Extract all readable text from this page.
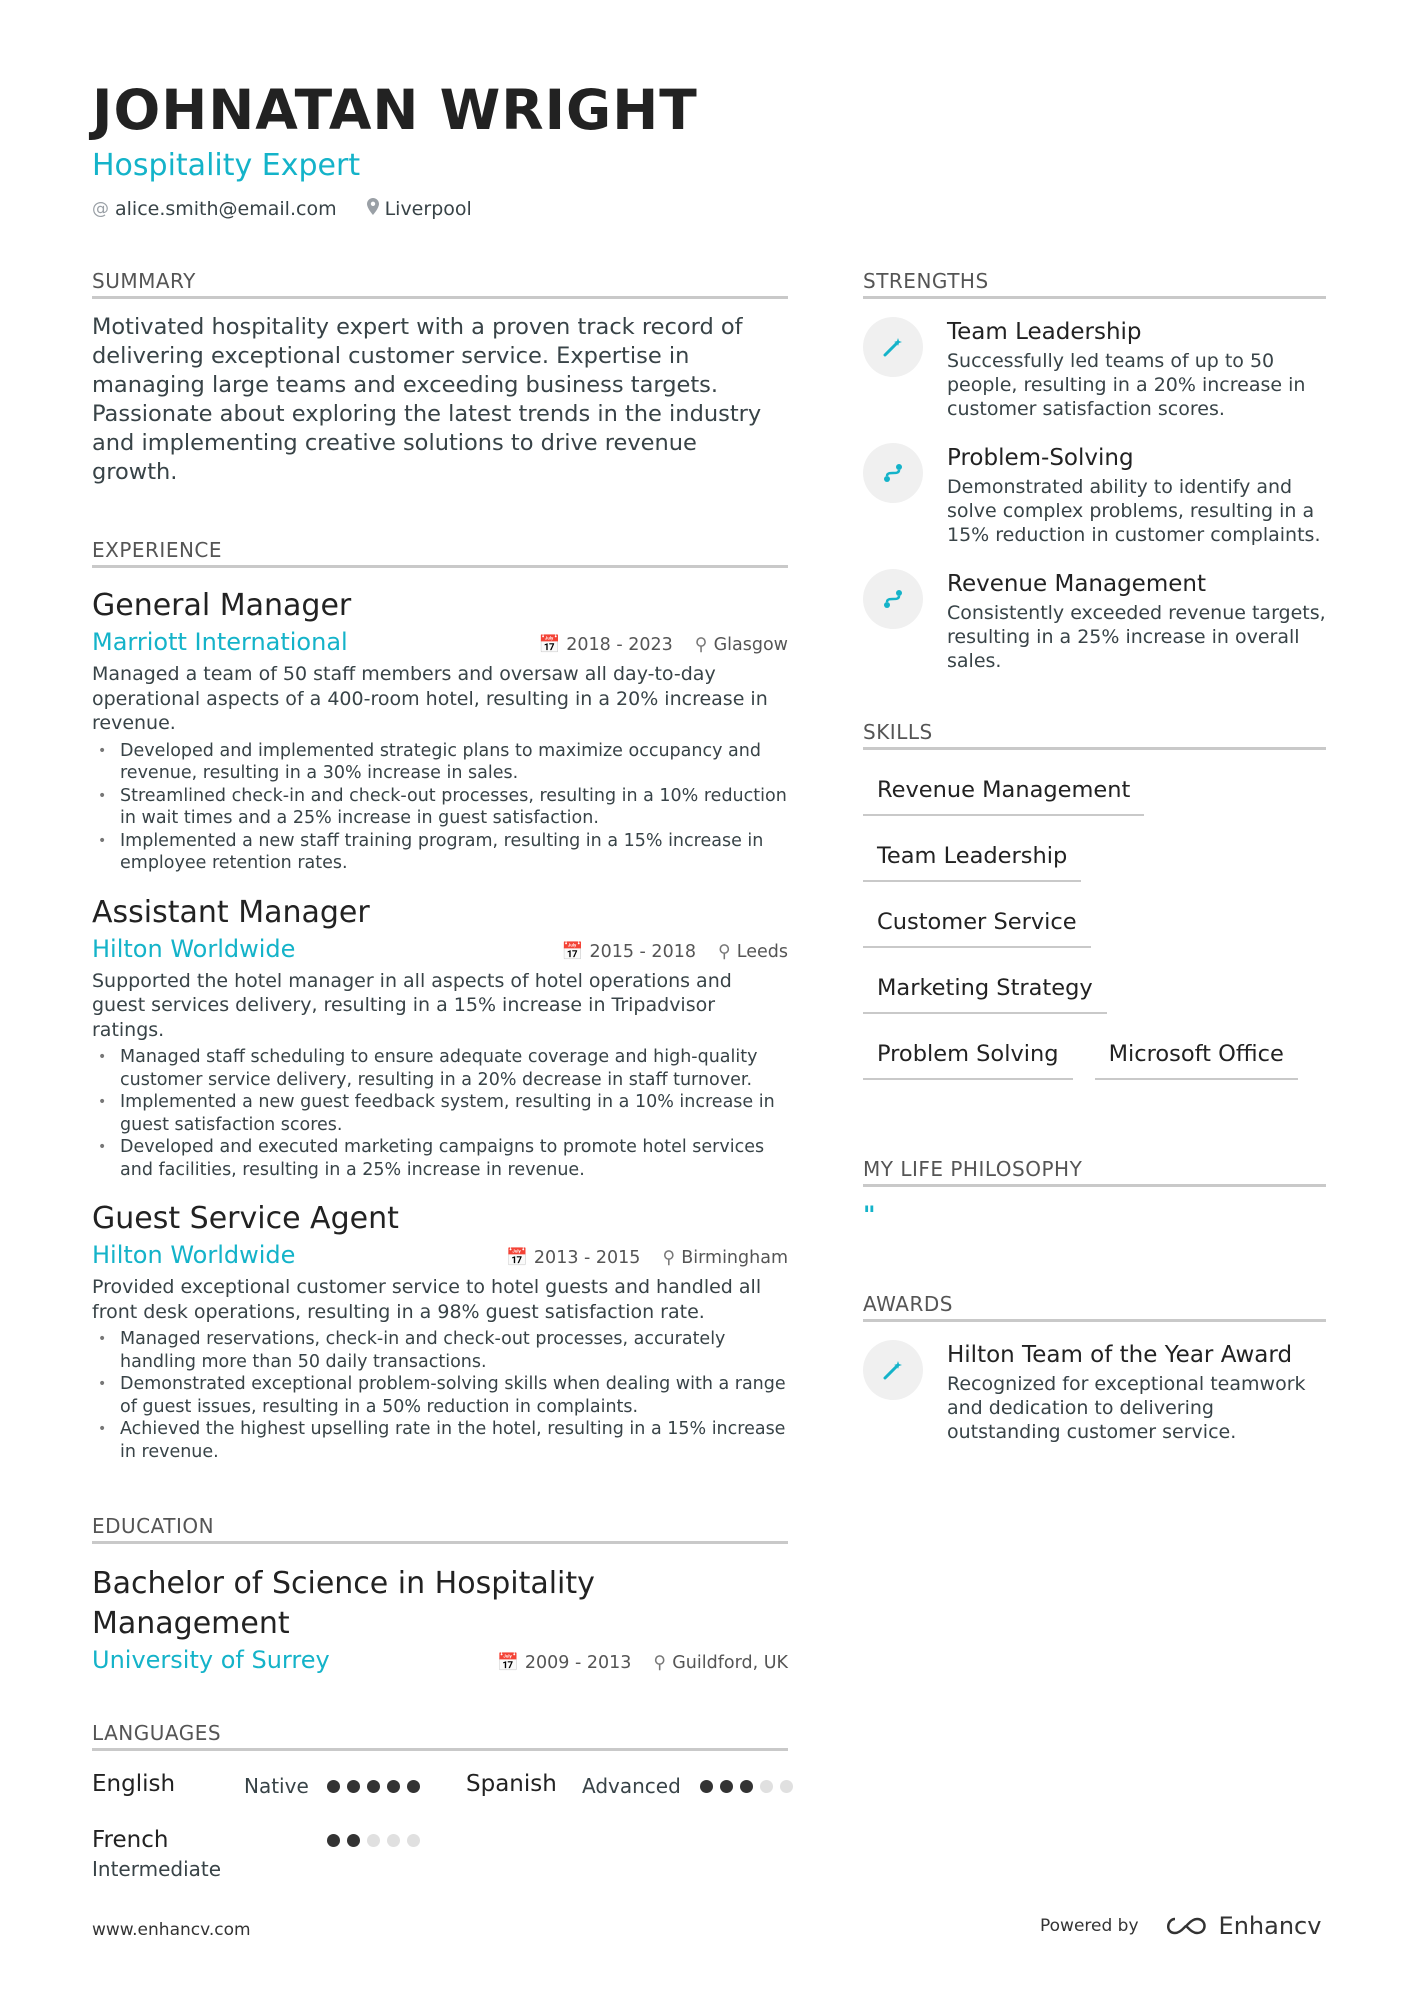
JOHNATAN WRIGHT
Hospitality Expert
@ alice.smith@email.com	Liverpool
SUMMARY
Motivated hospitality expert with a proven track record of delivering exceptional customer service. Expertise in managing large teams and exceeding business targets. Passionate about exploring the latest trends in the industry and implementing creative solutions to drive revenue growth.
EXPERIENCE
General Manager
Marriott International	📅 2018 - 2023 ⚲ Glasgow
Managed a team of 50 staff members and oversaw all day-to-day operational aspects of a 400-room hotel, resulting in a 20% increase in revenue.
• Developed and implemented strategic plans to maximize occupancy and revenue, resulting in a 30% increase in sales.
• Streamlined check-in and check-out processes, resulting in a 10% reduction in wait times and a 25% increase in guest satisfaction.
• Implemented a new staff training program, resulting in a 15% increase in employee retention rates.
Assistant Manager
Hilton Worldwide	📅 2015 - 2018 ⚲ Leeds
Supported the hotel manager in all aspects of hotel operations and guest services delivery, resulting in a 15% increase in Tripadvisor ratings.
• Managed staff scheduling to ensure adequate coverage and high-quality customer service delivery, resulting in a 20% decrease in staff turnover.
• Implemented a new guest feedback system, resulting in a 10% increase in guest satisfaction scores.
• Developed and executed marketing campaigns to promote hotel services and facilities, resulting in a 25% increase in revenue.
Guest Service Agent
Hilton Worldwide	📅 2013 - 2015 ⚲ Birmingham
Provided exceptional customer service to hotel guests and handled all front desk operations, resulting in a 98% guest satisfaction rate.
• Managed reservations, check-in and check-out processes, accurately handling more than 50 daily transactions.
• Demonstrated exceptional problem-solving skills when dealing with a range of guest issues, resulting in a 50% reduction in complaints.
• Achieved the highest upselling rate in the hotel, resulting in a 15% increase in revenue.
EDUCATION
Bachelor of Science in Hospitality Management
University of Surrey	📅 2009 - 2013 ⚲ Guildford, UK
LANGUAGES
English	Native	Spanish Advanced
French
Intermediate
STRENGTHS
Team Leadership
Successfully led teams of up to 50 people, resulting in a 20% increase in customer satisfaction scores.
Problem-Solving
Demonstrated ability to identify and solve complex problems, resulting in a 15% reduction in customer complaints.
Revenue Management
Consistently exceeded revenue targets, resulting in a 25% increase in overall sales.
SKILLS
Revenue Management
Team Leadership
Customer Service
Marketing Strategy
Problem Solving	Microsoft Office
MY LIFE PHILOSOPHY
"
AWARDS
Hilton Team of the Year Award
Recognized for exceptional teamwork and dedication to delivering outstanding customer service.
www.enhancv.com	Powered by	Enhancv
